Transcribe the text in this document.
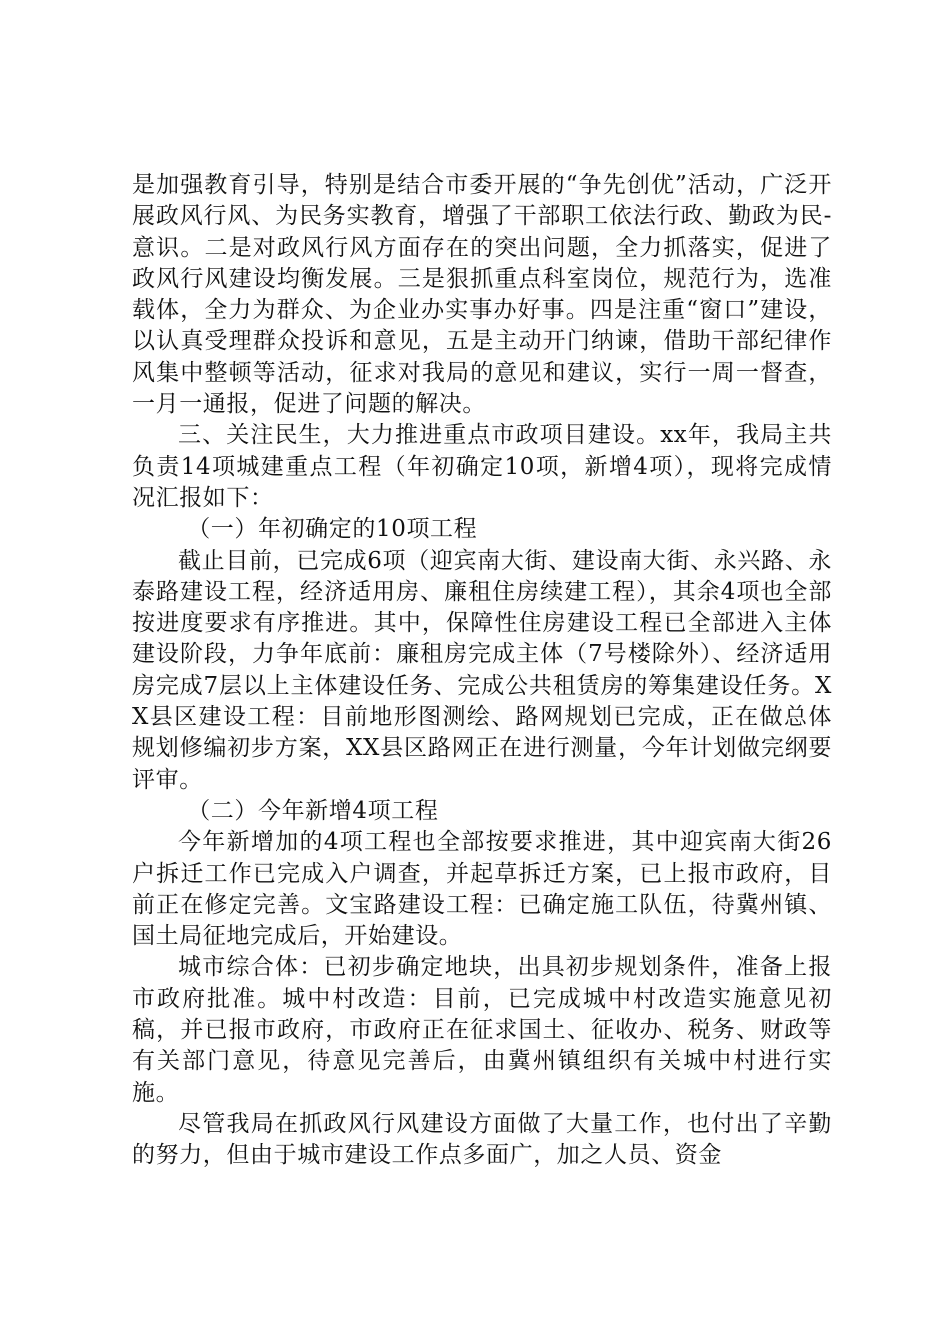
是加强教育引导，特别是结合市委开展的“争先创优”活动，广泛开展政风行风、为民务实教育，增强了干部职工依法行政、勤政为民-意识。二是对政风行风方面存在的突出问题，全力抓落实，促进了政风行风建设均衡发展。三是狠抓重点科室岗位，规范行为，选准载体，全力为群众、为企业办实事办好事。四是注重“窗口”建设，以认真受理群众投诉和意见，五是主动开门纳谏，借助干部纪律作风集中整顿等活动，征求对我局的意见和建议，实行一周一督查，一月一通报，促进了问题的解决。

三、关注民生，大力推进重点市政项目建设。xx年，我局主共负责14项城建重点工程（年初确定10项，新增4项），现将完成情况汇报如下：

（一）年初确定的10项工程

截止目前，已完成6项（迎宾南大街、建设南大街、永兴路、永泰路建设工程，经济适用房、廉租住房续建工程），其余4项也全部按进度要求有序推进。其中，保障性住房建设工程已全部进入主体建设阶段，力争年底前：廉租房完成主体（7号楼除外）、经济适用房完成7层以上主体建设任务、完成公共租赁房的筹集建设任务。XX县区建设工程：目前地形图测绘、路网规划已完成，正在做总体规划修编初步方案，XX县区路网正在进行测量，今年计划做完纲要评审。

（二）今年新增4项工程

今年新增加的4项工程也全部按要求推进，其中迎宾南大街26户拆迁工作已完成入户调查，并起草拆迁方案，已上报市政府，目前正在修定完善。文宝路建设工程：已确定施工队伍，待冀州镇、国土局征地完成后，开始建设。

城市综合体：已初步确定地块，出具初步规划条件，准备上报市政府批准。城中村改造：目前，已完成城中村改造实施意见初稿，并已报市政府，市政府正在征求国土、征收办、税务、财政等有关部门意见，待意见完善后，由冀州镇组织有关城中村进行实施。

尽管我局在抓政风行风建设方面做了大量工作，也付出了辛勤的努力，但由于城市建设工作点多面广，加之人员、资金
